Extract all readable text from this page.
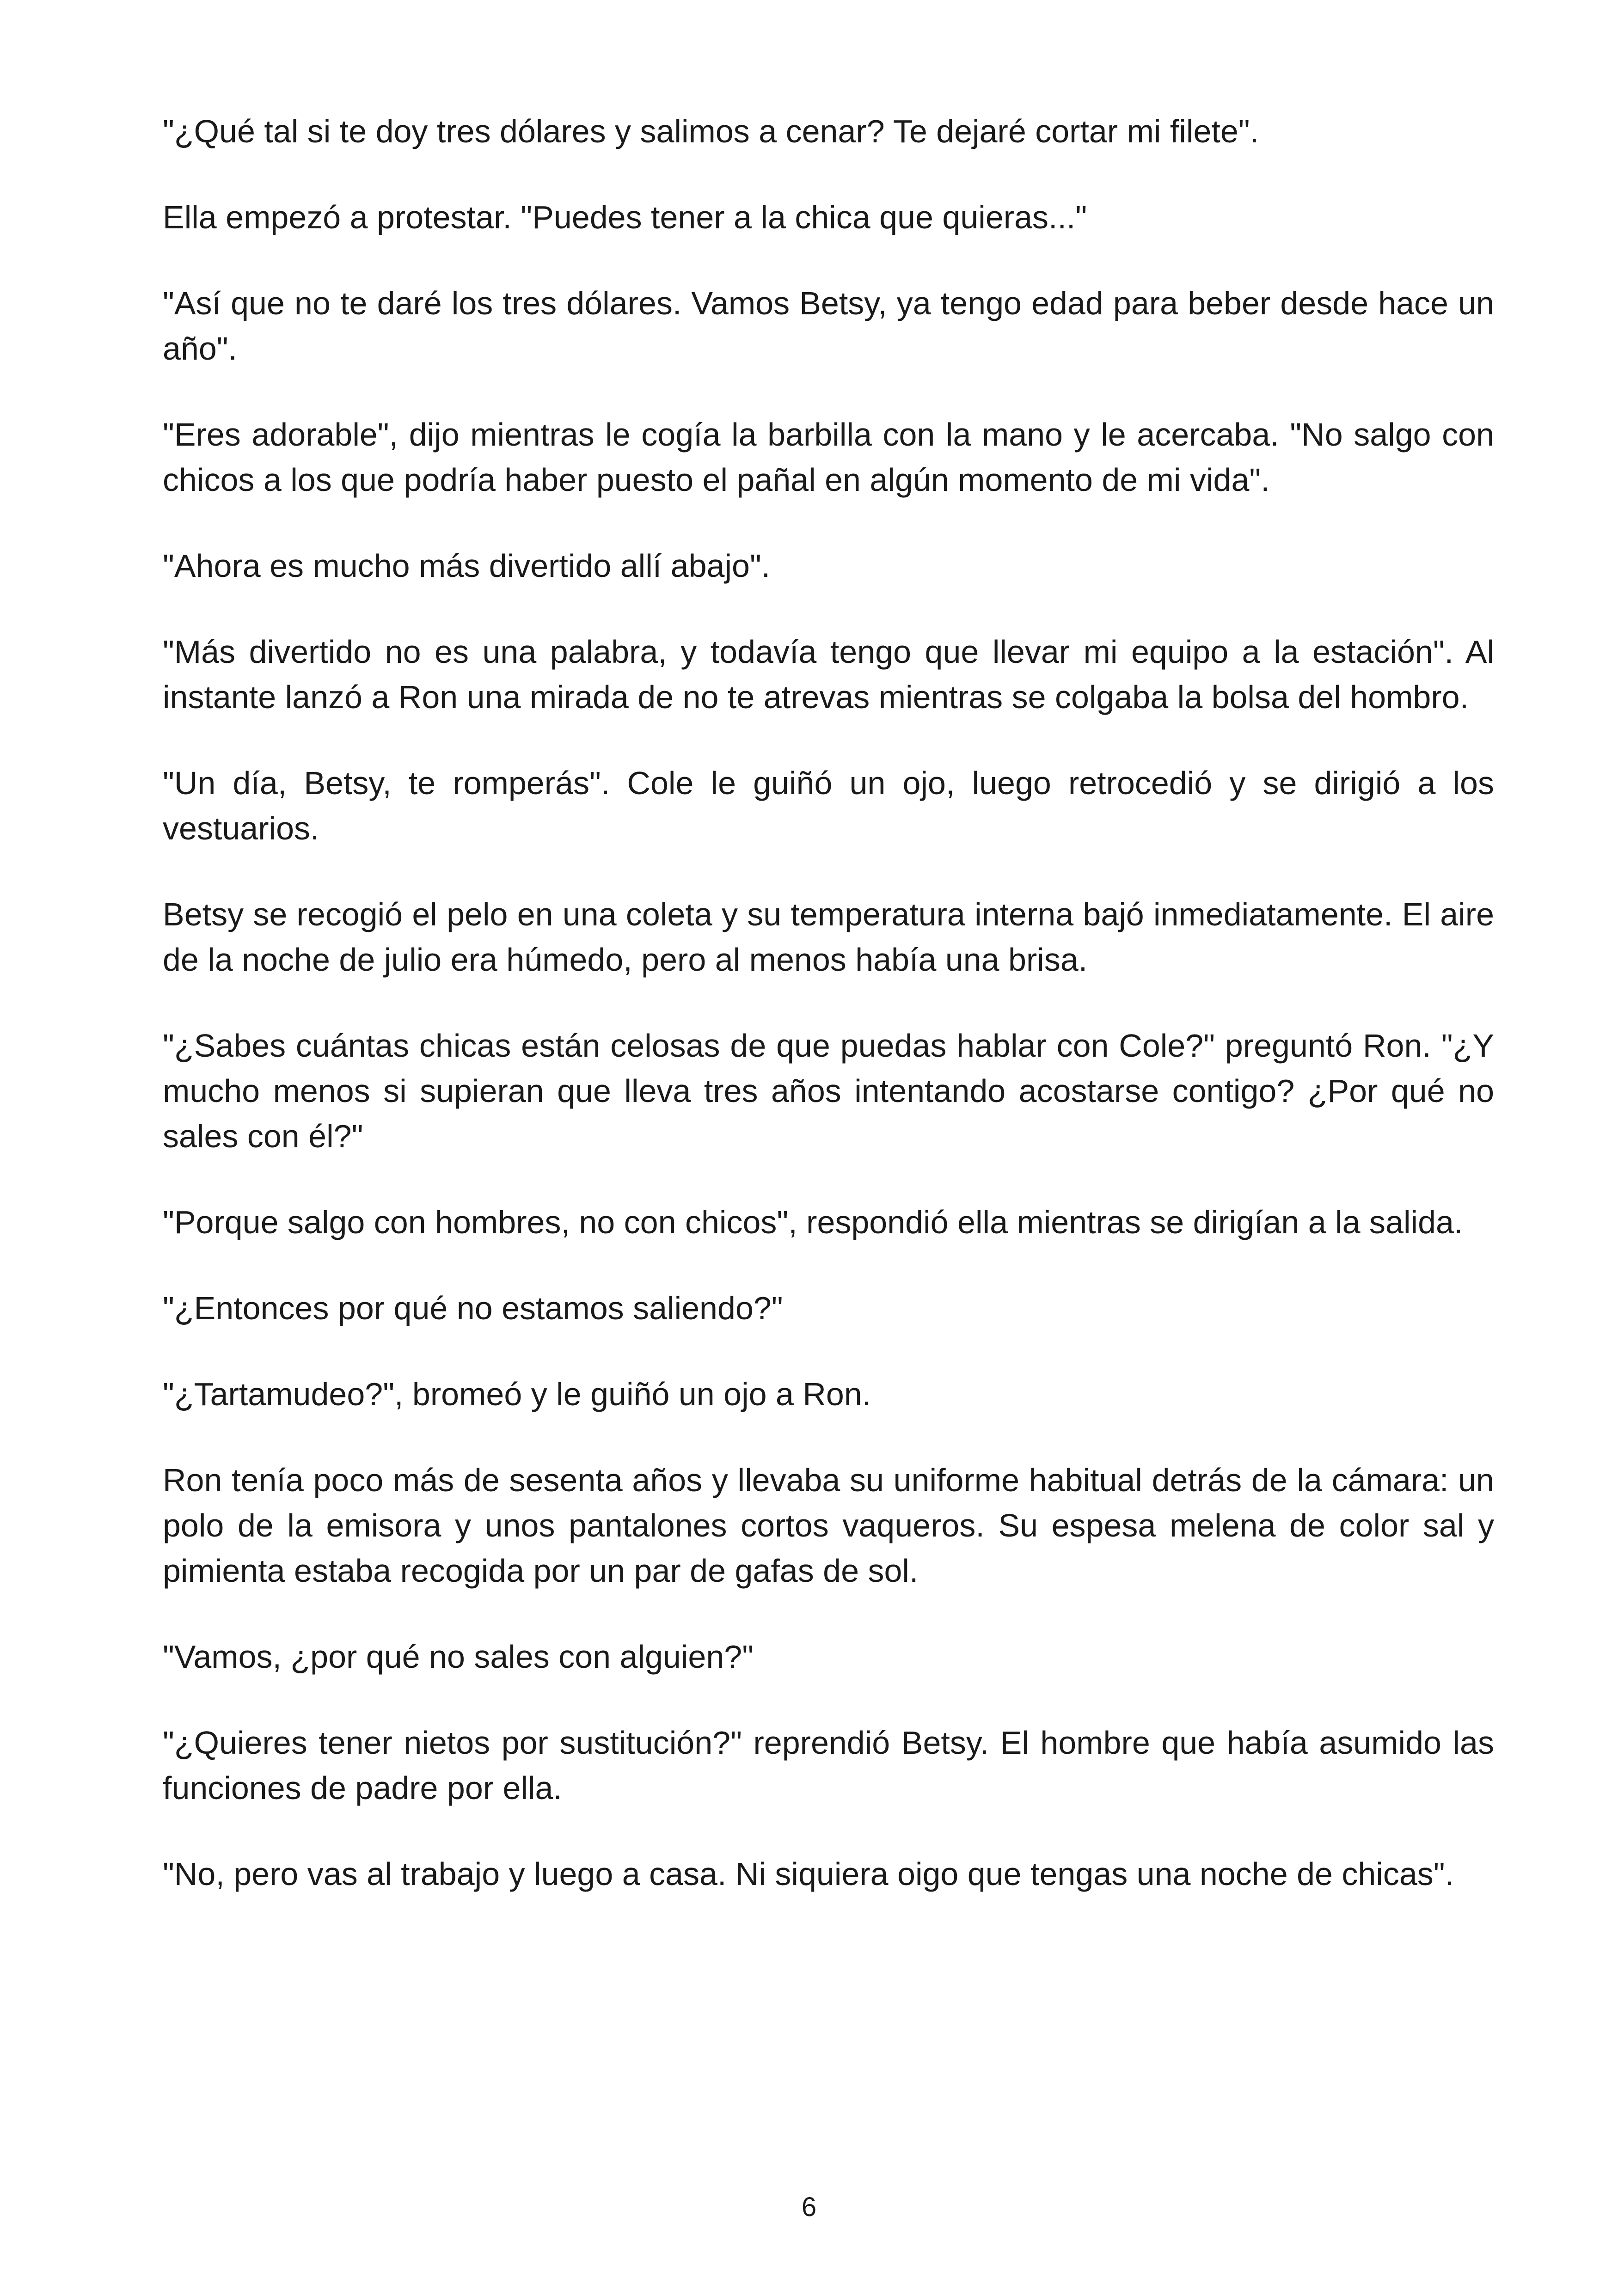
"¿Qué tal si te doy tres dólares y salimos a cenar? Te dejaré cortar mi filete".

Ella empezó a protestar. "Puedes tener a la chica que quieras..."

"Así que no te daré los tres dólares. Vamos Betsy, ya tengo edad para beber desde hace un año".

"Eres adorable", dijo mientras le cogía la barbilla con la mano y le acercaba. "No salgo con chicos a los que podría haber puesto el pañal en algún momento de mi vida".

"Ahora es mucho más divertido allí abajo".

"Más divertido no es una palabra, y todavía tengo que llevar mi equipo a la estación". Al instante lanzó a Ron una mirada de no te atrevas mientras se colgaba la bolsa del hombro.

"Un día, Betsy, te romperás". Cole le guiñó un ojo, luego retrocedió y se dirigió a los vestuarios.

Betsy se recogió el pelo en una coleta y su temperatura interna bajó inmediatamente. El aire de la noche de julio era húmedo, pero al menos había una brisa.

"¿Sabes cuántas chicas están celosas de que puedas hablar con Cole?" preguntó Ron. "¿Y mucho menos si supieran que lleva tres años intentando acostarse contigo? ¿Por qué no sales con él?"

"Porque salgo con hombres, no con chicos", respondió ella mientras se dirigían a la salida.

"¿Entonces por qué no estamos saliendo?"

"¿Tartamudeo?", bromeó y le guiñó un ojo a Ron.

Ron tenía poco más de sesenta años y llevaba su uniforme habitual detrás de la cámara: un polo de la emisora y unos pantalones cortos vaqueros. Su espesa melena de color sal y pimienta estaba recogida por un par de gafas de sol.

"Vamos, ¿por qué no sales con alguien?"

"¿Quieres tener nietos por sustitución?" reprendió Betsy. El hombre que había asumido las funciones de padre por ella.

"No, pero vas al trabajo y luego a casa. Ni siquiera oigo que tengas una noche de chicas".

6
